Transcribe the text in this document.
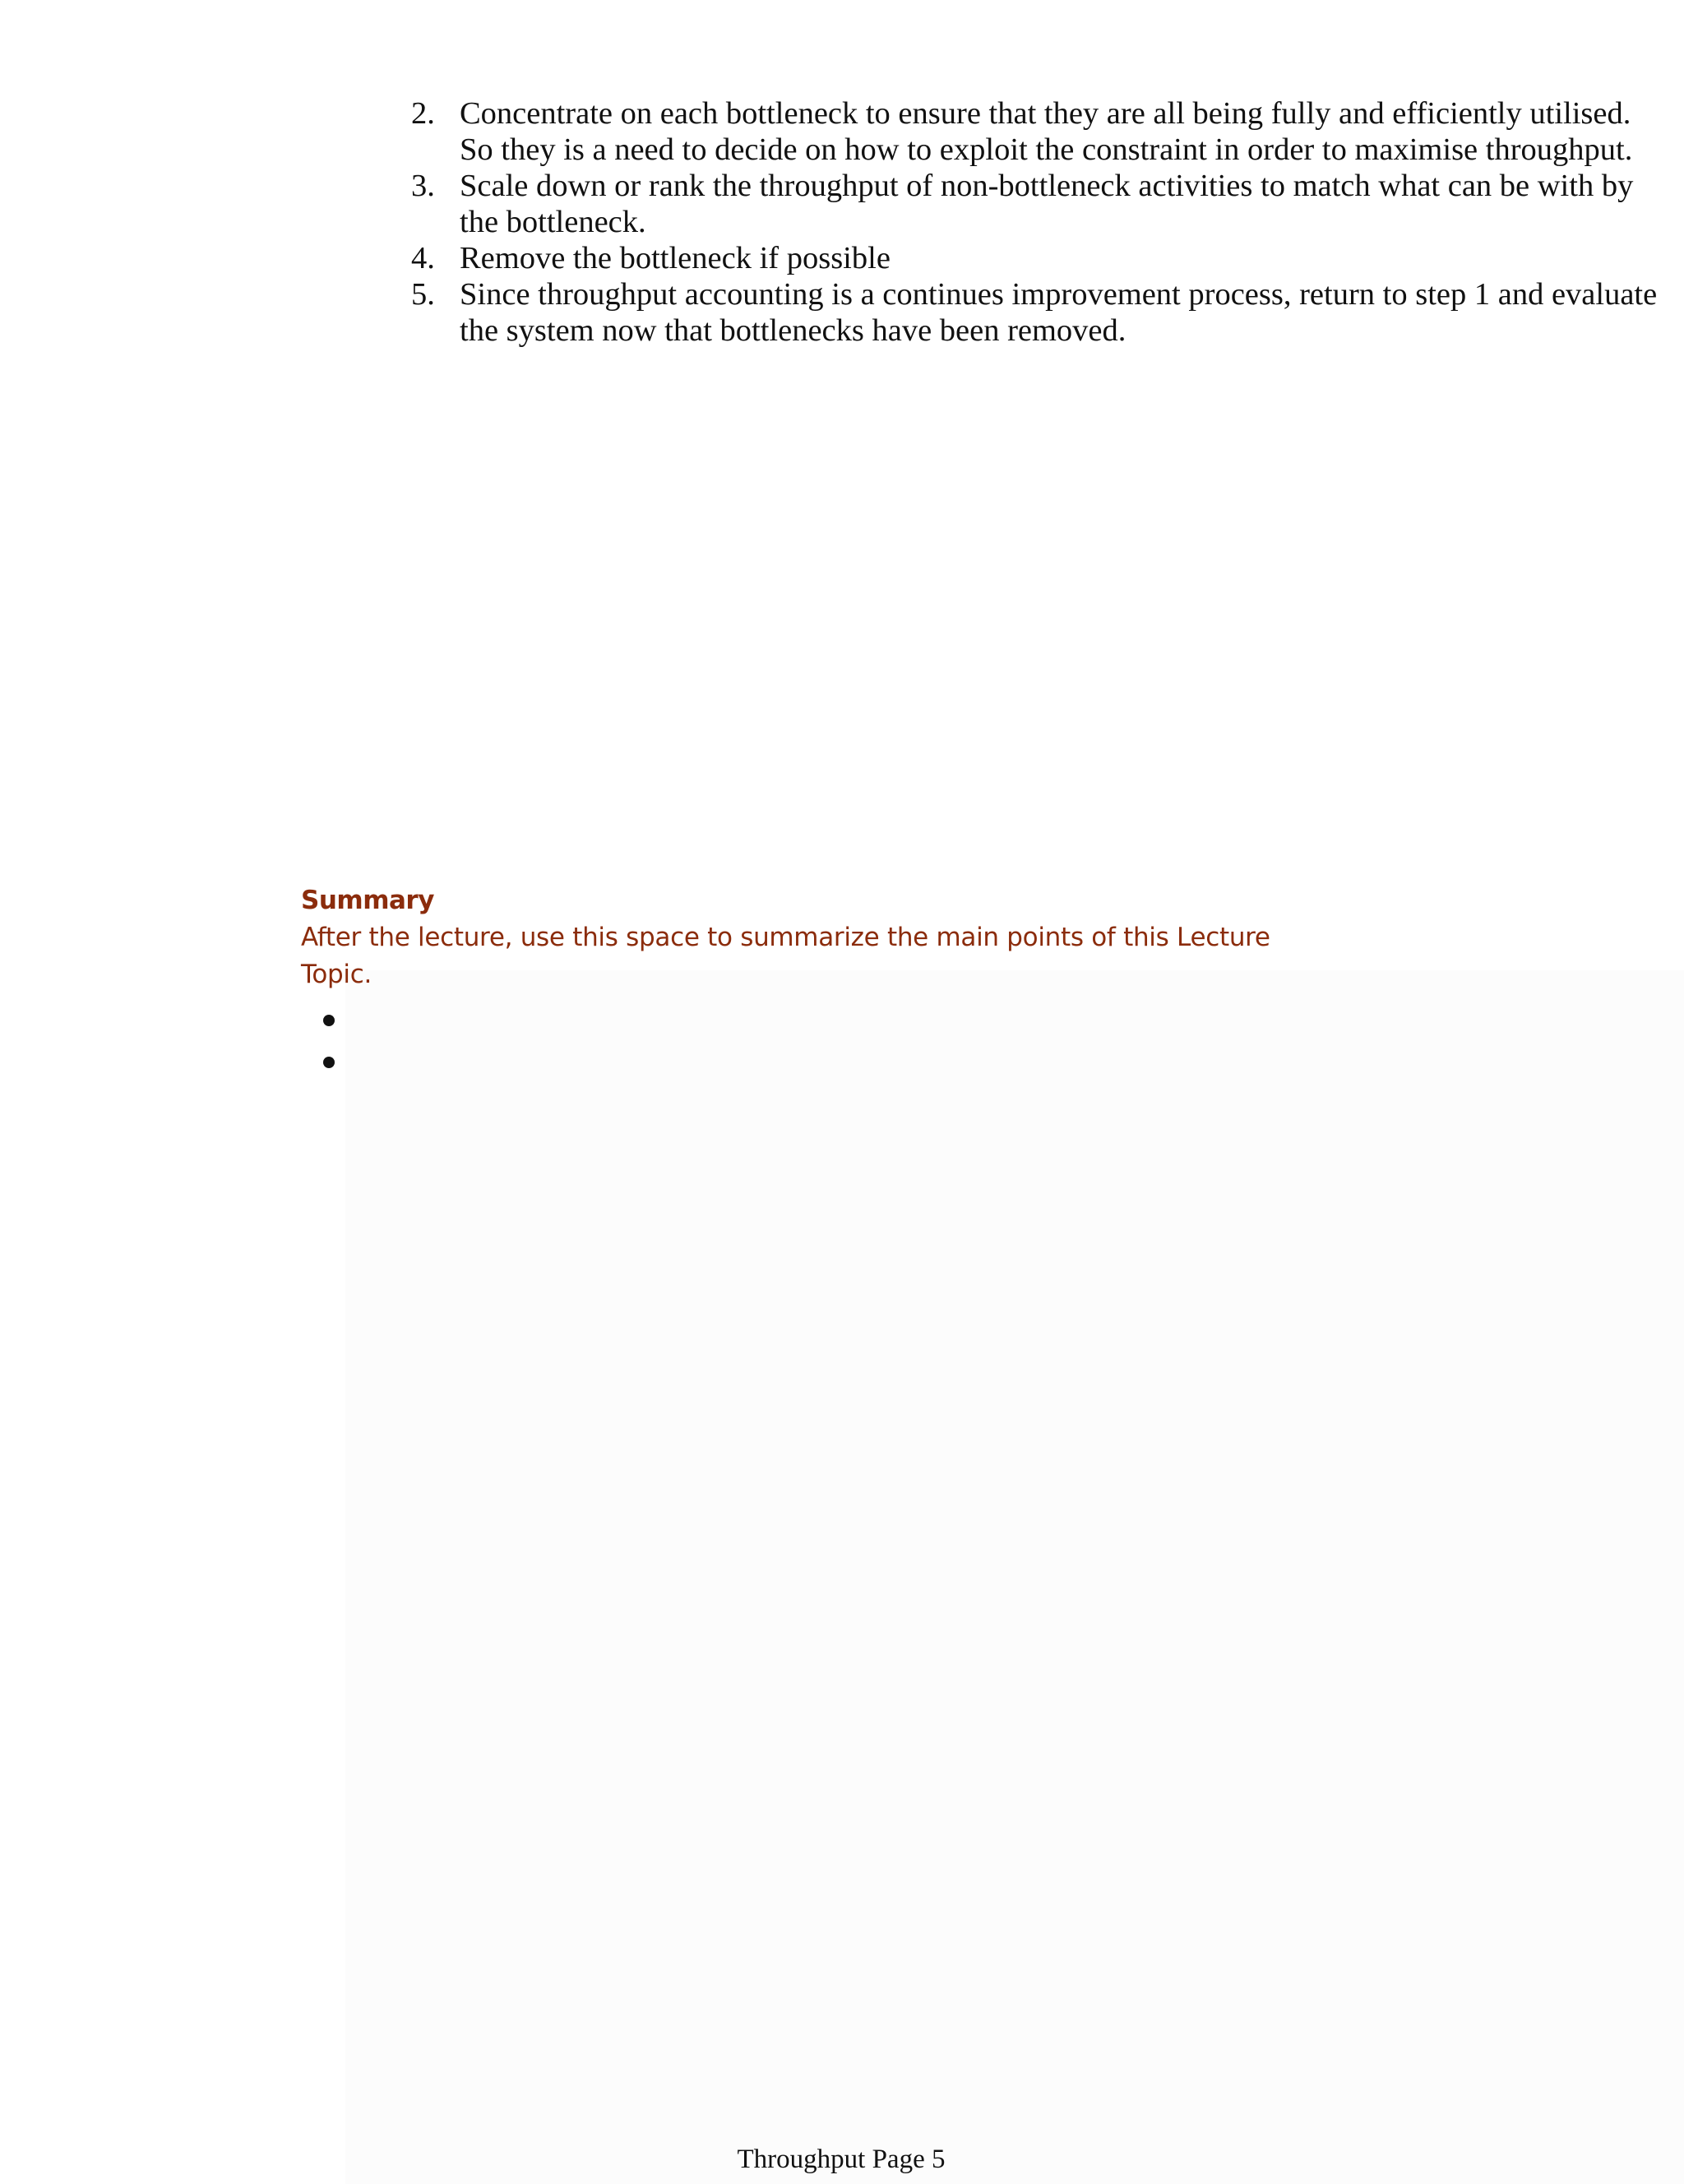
2. Concentrate on each bottleneck to ensure that they are all being fully and efficiently utilised. So they is a need to decide on how to exploit the constraint in order to maximise throughput.
3. Scale down or rank the throughput of non-bottleneck activities to match what can be with by the bottleneck.
4. Remove the bottleneck if possible
5. Since throughput accounting is a continues improvement process, return to step 1 and evaluate the system now that bottlenecks have been removed.
Summary
After the lecture, use this space to summarize the main points of this Lecture Topic.
Throughput Page 5
